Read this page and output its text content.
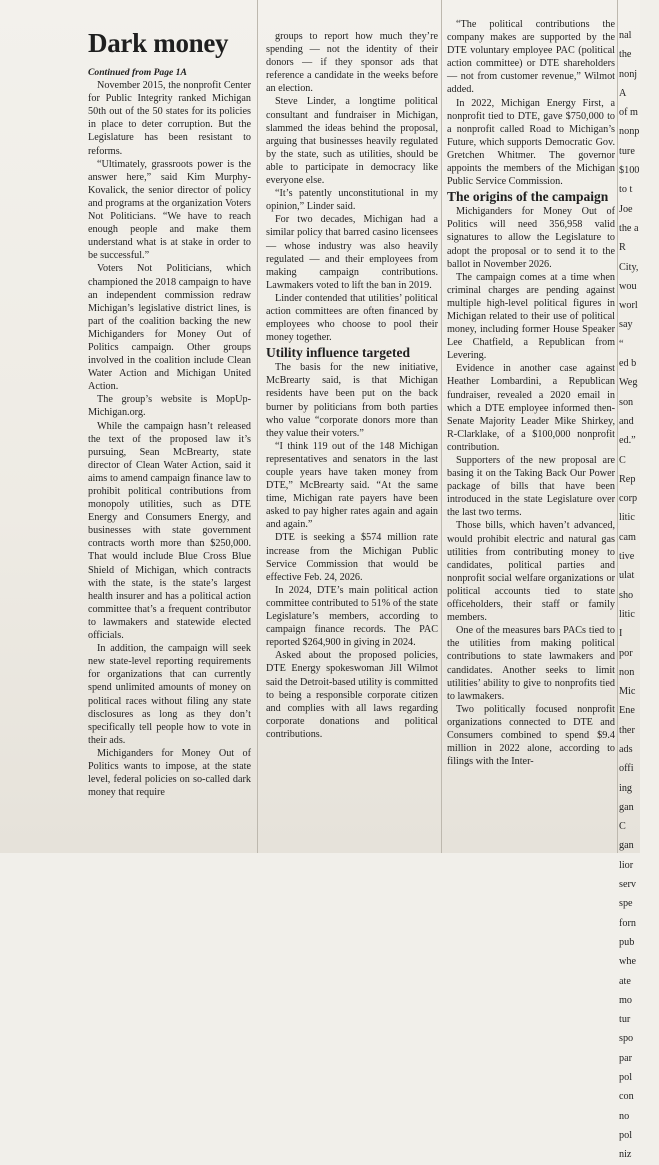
Dark money

Continued from Page 1A

November 2015, the nonprofit Center for Public Integrity ranked Michigan 50th out of the 50 states for its policies in place to deter corruption. But the Legislature has been resistant to reforms.

“Ultimately, grassroots power is the answer here,” said Kim Murphy-Kovalick, the senior director of policy and programs at the organization Voters Not Politicians. “We have to reach enough people and make them understand what is at stake in order to be successful.”

Voters Not Politicians, which championed the 2018 campaign to have an independent commission redraw Michigan’s legislative district lines, is part of the coalition backing the new Michiganders for Money Out of Politics campaign. Other groups involved in the coalition include Clean Water Action and Michigan United Action.

The group’s website is MopUp-Michigan.org.

While the campaign hasn’t released the text of the proposed law it’s pursuing, Sean McBrearty, state director of Clean Water Action, said it aims to amend campaign finance law to prohibit political contributions from monopoly utilities, such as DTE Energy and Consumers Energy, and businesses with state government contracts worth more than $250,000. That would include Blue Cross Blue Shield of Michigan, which contracts with the state, is the state’s largest health insurer and has a political action committee that’s a frequent contributor to lawmakers and statewide elected officials.

In addition, the campaign will seek new state-level reporting requirements for organizations that can currently spend unlimited amounts of money on political races without filing any state disclosures as long as they don’t specifically tell people how to vote in their ads.

Michiganders for Money Out of Politics wants to impose, at the state level, federal policies on so-called dark money that require

groups to report how much they’re spending — not the identity of their donors — if they sponsor ads that reference a candidate in the weeks before an election.

Steve Linder, a longtime political consultant and fundraiser in Michigan, slammed the ideas behind the proposal, arguing that businesses heavily regulated by the state, such as utilities, should be able to participate in democracy like everyone else.

“It’s patently unconstitutional in my opinion,” Linder said.

For two decades, Michigan had a similar policy that barred casino licensees — whose industry was also heavily regulated — and their employees from making campaign contributions. Lawmakers voted to lift the ban in 2019.

Linder contended that utilities’ political action committees are often financed by employees who choose to pool their money together.

Utility influence targeted

The basis for the new initiative, McBrearty said, is that Michigan residents have been put on the back burner by politicians from both parties who value “corporate donors more than they value their voters.”

“I think 119 out of the 148 Michigan representatives and senators in the last couple years have taken money from DTE,” McBrearty said. “At the same time, Michigan rate payers have been asked to pay higher rates again and again and again.”

DTE is seeking a $574 million rate increase from the Michigan Public Service Commission that would be effective Feb. 24, 2026.

In 2024, DTE’s main political action committee contributed to 51% of the state Legislature’s members, according to campaign finance records. The PAC reported $264,900 in giving in 2024.

Asked about the proposed policies, DTE Energy spokeswoman Jill Wilmot said the Detroit-based utility is committed to being a responsible corporate citizen and complies with all laws regarding corporate donations and political contributions.

“The political contributions the company makes are supported by the DTE voluntary employee PAC (political action committee) or DTE shareholders — not from customer revenue,” Wilmot added.

In 2022, Michigan Energy First, a nonprofit tied to DTE, gave $750,000 to a nonprofit called Road to Michigan’s Future, which supports Democratic Gov. Gretchen Whitmer. The governor appoints the members of the Michigan Public Service Commission.

The origins of the campaign

Michiganders for Money Out of Politics will need 356,958 valid signatures to allow the Legislature to adopt the proposal or to send it to the ballot in November 2026.

The campaign comes at a time when criminal charges are pending against multiple high-level political figures in Michigan related to their use of political money, including former House Speaker Lee Chatfield, a Republican from Levering.

Evidence in another case against Heather Lombardini, a Republican fundraiser, revealed a 2020 email in which a DTE employee informed then-Senate Majority Leader Mike Shirkey, R-Clarklake, of a $100,000 nonprofit contribution.

Supporters of the new proposal are basing it on the Taking Back Our Power package of bills that have been introduced in the state Legislature over the last two terms.

Those bills, which haven’t advanced, would prohibit electric and natural gas utilities from contributing money to candidates, political parties and nonprofit social welfare organizations or political accounts tied to state officeholders, their staff or family members.

One of the measures bars PACs tied to the utilities from making political contributions to state lawmakers and candidates. Another seeks to limit utilities’ ability to give to nonprofits tied to lawmakers.

Two politically focused nonprofit organizations connected to DTE and Consumers combined to spend $9.4 million in 2022 alone, according to filings with the Inter-

nal

the

nonj

A

of m

nonp

ture

$100

to t

Joe

the a

R

City,

wou

worl

say

“

ed b

Weg

son

and

ed.”

C

Rep

corp

litic

cam

tive

ulat

sho

litic

I

por

non

Mic

Ene

ther

ads

offi

ing

gan

C

gan

lior

serv

spe

forn

pub

whe

ate

mo

tur

spo

par

pol

con

no

pol

niz
